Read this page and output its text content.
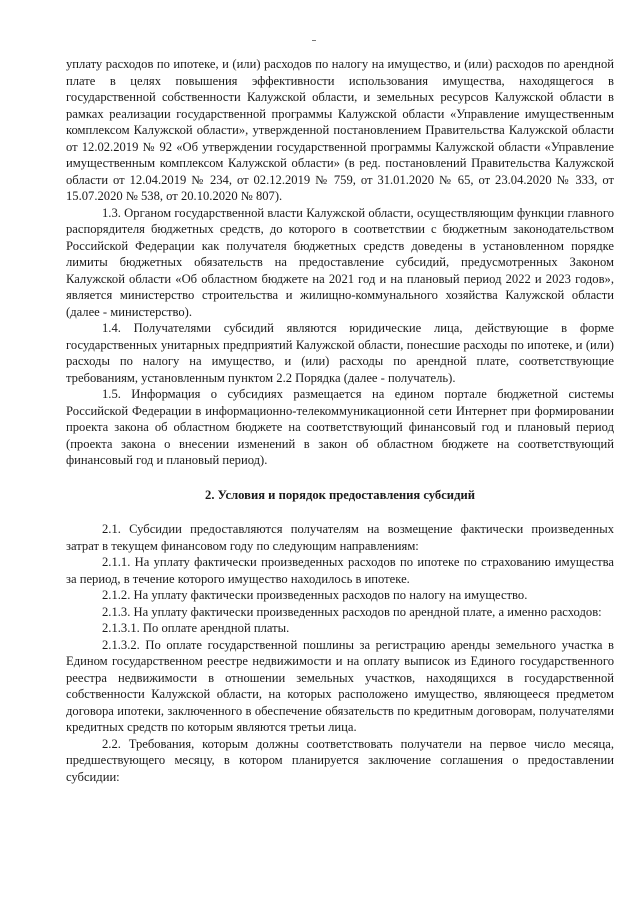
уплату расходов по ипотеке, и (или) расходов по налогу на имущество, и (или) расходов по арендной плате в целях повышения эффективности использования имущества, находящегося в государственной собственности Калужской области, и земельных ресурсов Калужской области в рамках реализации государственной программы Калужской области «Управление имущественным комплексом Калужской области», утвержденной постановлением Правительства Калужской области от 12.02.2019 № 92 «Об утверждении государственной программы Калужской области «Управление имущественным комплексом Калужской области» (в ред. постановлений Правительства Калужской области от 12.04.2019 № 234, от 02.12.2019 № 759, от 31.01.2020 № 65, от 23.04.2020 № 333, от 15.07.2020 № 538, от 20.10.2020 № 807).

1.3. Органом государственной власти Калужской области, осуществляющим функции главного распорядителя бюджетных средств, до которого в соответствии с бюджетным законодательством Российской Федерации как получателя бюджетных средств доведены в установленном порядке лимиты бюджетных обязательств на предоставление субсидий, предусмотренных Законом Калужской области «Об областном бюджете на 2021 год и на плановый период 2022 и 2023 годов», является министерство строительства и жилищно-коммунального хозяйства Калужской области (далее - министерство).

1.4. Получателями субсидий являются юридические лица, действующие в форме государственных унитарных предприятий Калужской области, понесшие расходы по ипотеке, и (или) расходы по налогу на имущество, и (или) расходы по арендной плате, соответствующие требованиям, установленным пунктом 2.2 Порядка (далее - получатель).

1.5. Информация о субсидиях размещается на едином портале бюджетной системы Российской Федерации в информационно-телекоммуникационной сети Интернет при формировании проекта закона об областном бюджете на соответствующий финансовый год и плановый период (проекта закона о внесении изменений в закон об областном бюджете на соответствующий финансовый год и плановый период).

2. Условия и порядок предоставления субсидий

2.1. Субсидии предоставляются получателям на возмещение фактически произведенных затрат в текущем финансовом году по следующим направлениям:

2.1.1. На уплату фактически произведенных расходов по ипотеке по страхованию имущества за период, в течение которого имущество находилось в ипотеке.

2.1.2. На уплату фактически произведенных расходов по налогу на имущество.

2.1.3. На уплату фактически произведенных расходов по арендной плате, а именно расходов:

2.1.3.1. По оплате арендной платы.

2.1.3.2. По оплате государственной пошлины за регистрацию аренды земельного участка в Едином государственном реестре недвижимости и на оплату выписок из Единого государственного реестра недвижимости в отношении земельных участков, находящихся в государственной собственности Калужской области, на которых расположено имущество, являющееся предметом договора ипотеки, заключенного в обеспечение обязательств по кредитным договорам, получателями кредитных средств по которым являются третьи лица.

2.2. Требования, которым должны соответствовать получатели на первое число месяца, предшествующего месяцу, в котором планируется заключение соглашения о предоставлении субсидии:
